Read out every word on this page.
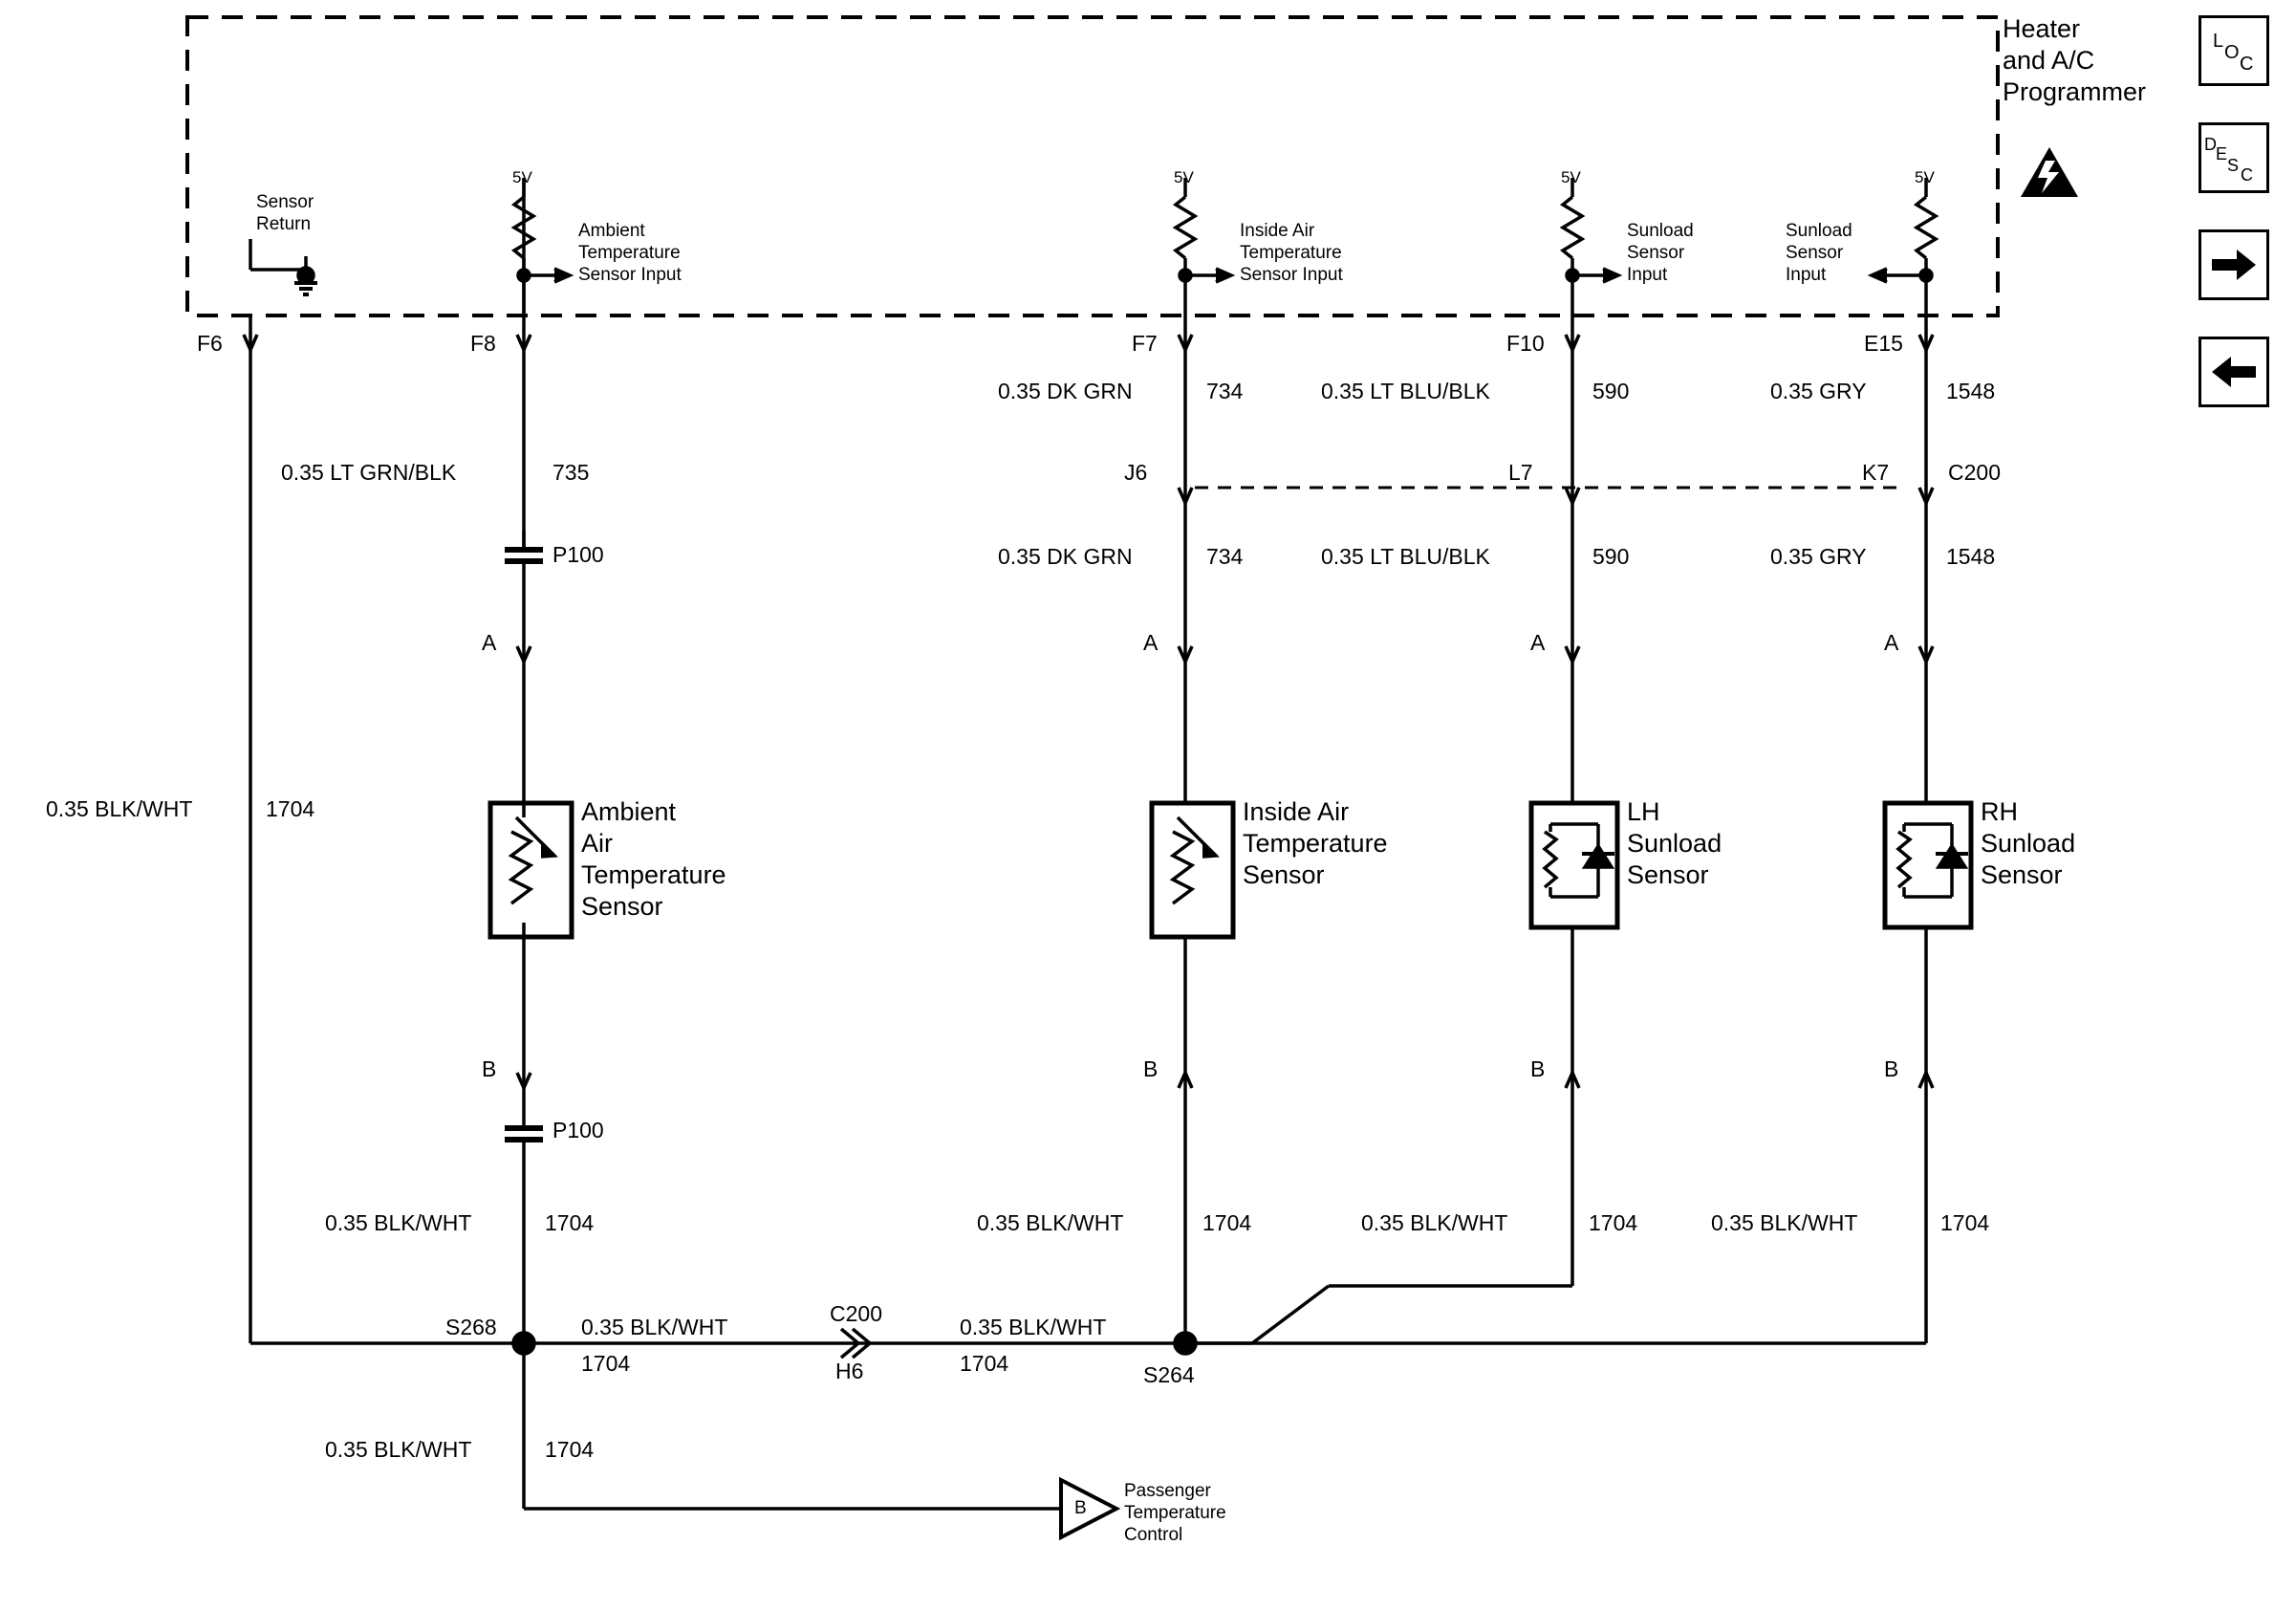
Heater
and A/C
Programmer
Sensor
Return
5V
Ambient
Temperature
Sensor Input
5V
Inside Air
Temperature
Sensor Input
5V
Sunload
Sensor
Input
5V
Sunload
Sensor
Input
F6	F8	F7	F10	E15
0.35 DK GRN	734	0.35 LT BLU/BLK	590	0.35 GRY	1548
0.35 LT GRN/BLK	735	J6	L7	K7	C200
0.35 DK GRN	734	0.35 LT BLU/BLK	590	0.35 GRY	1548
P100
P100
A	A	A	A
B	B	B	B
0.35 BLK/WHT	1704	Ambient
Air
Temperature
Sensor
Inside Air
Temperature
Sensor
LH
Sunload
Sensor
RH
Sunload
Sensor
0.35 BLK/WHT	1704	0.35 BLK/WHT	1704	0.35 BLK/WHT	1704	0.35 BLK/WHT	1704
S268
S264
0.35 BLK/WHT
1704
C200
H6
0.35 BLK/WHT
1704
0.35 BLK/WHT	1704
B
Passenger
Temperature
Control
L
O
C
D E
S C
